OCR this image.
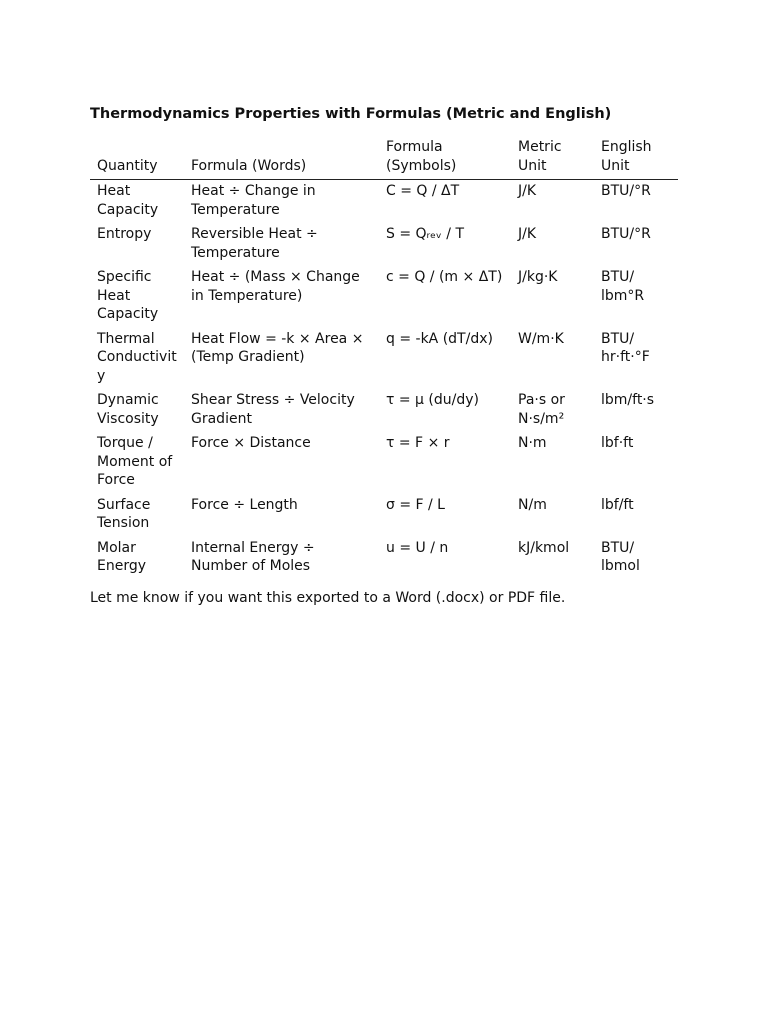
Thermodynamics Properties with Formulas (Metric and English)
Quantity	Formula (Words)	Formula (Symbols)	Metric Unit	English Unit
Heat Capacity	Heat ÷ Change in Temperature	C = Q / ΔT	J/K	BTU/°R
Entropy	Reversible Heat ÷ Temperature	S = Qᵣₑᵥ / T	J/K	BTU/°R
Specific Heat Capacity	Heat ÷ (Mass × Change in Temperature)	c = Q / (m × ΔT)	J/kg·K	BTU/ lbm°R
Thermal Conductivity	Heat Flow = -k × Area × (Temp Gradient)	q = -kA (dT/dx)	W/m·K	BTU/ hr·ft·°F
Dynamic Viscosity	Shear Stress ÷ Velocity Gradient	τ = μ (du/dy)	Pa·s or N·s/m²	lbm/ft·s
Torque / Moment of Force	Force × Distance	τ = F × r	N·m	lbf·ft
Surface Tension	Force ÷ Length	σ = F / L	N/m	lbf/ft
Molar Energy	Internal Energy ÷ Number of Moles	u = U / n	kJ/kmol	BTU/ lbmol
Let me know if you want this exported to a Word (.docx) or PDF file.
